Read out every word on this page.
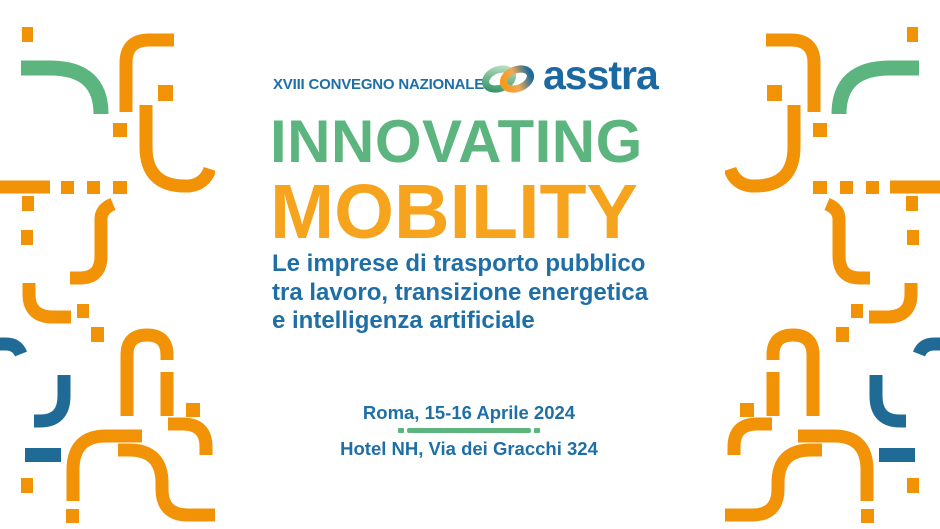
XVIII CONVEGNO NAZIONALE asstra
INNOVATING
MOBILITY
Le imprese di trasporto pubblico
tra lavoro, transizione energetica
e intelligenza artificiale
Roma, 15-16 Aprile 2024
Hotel NH, Via dei Gracchi 324
